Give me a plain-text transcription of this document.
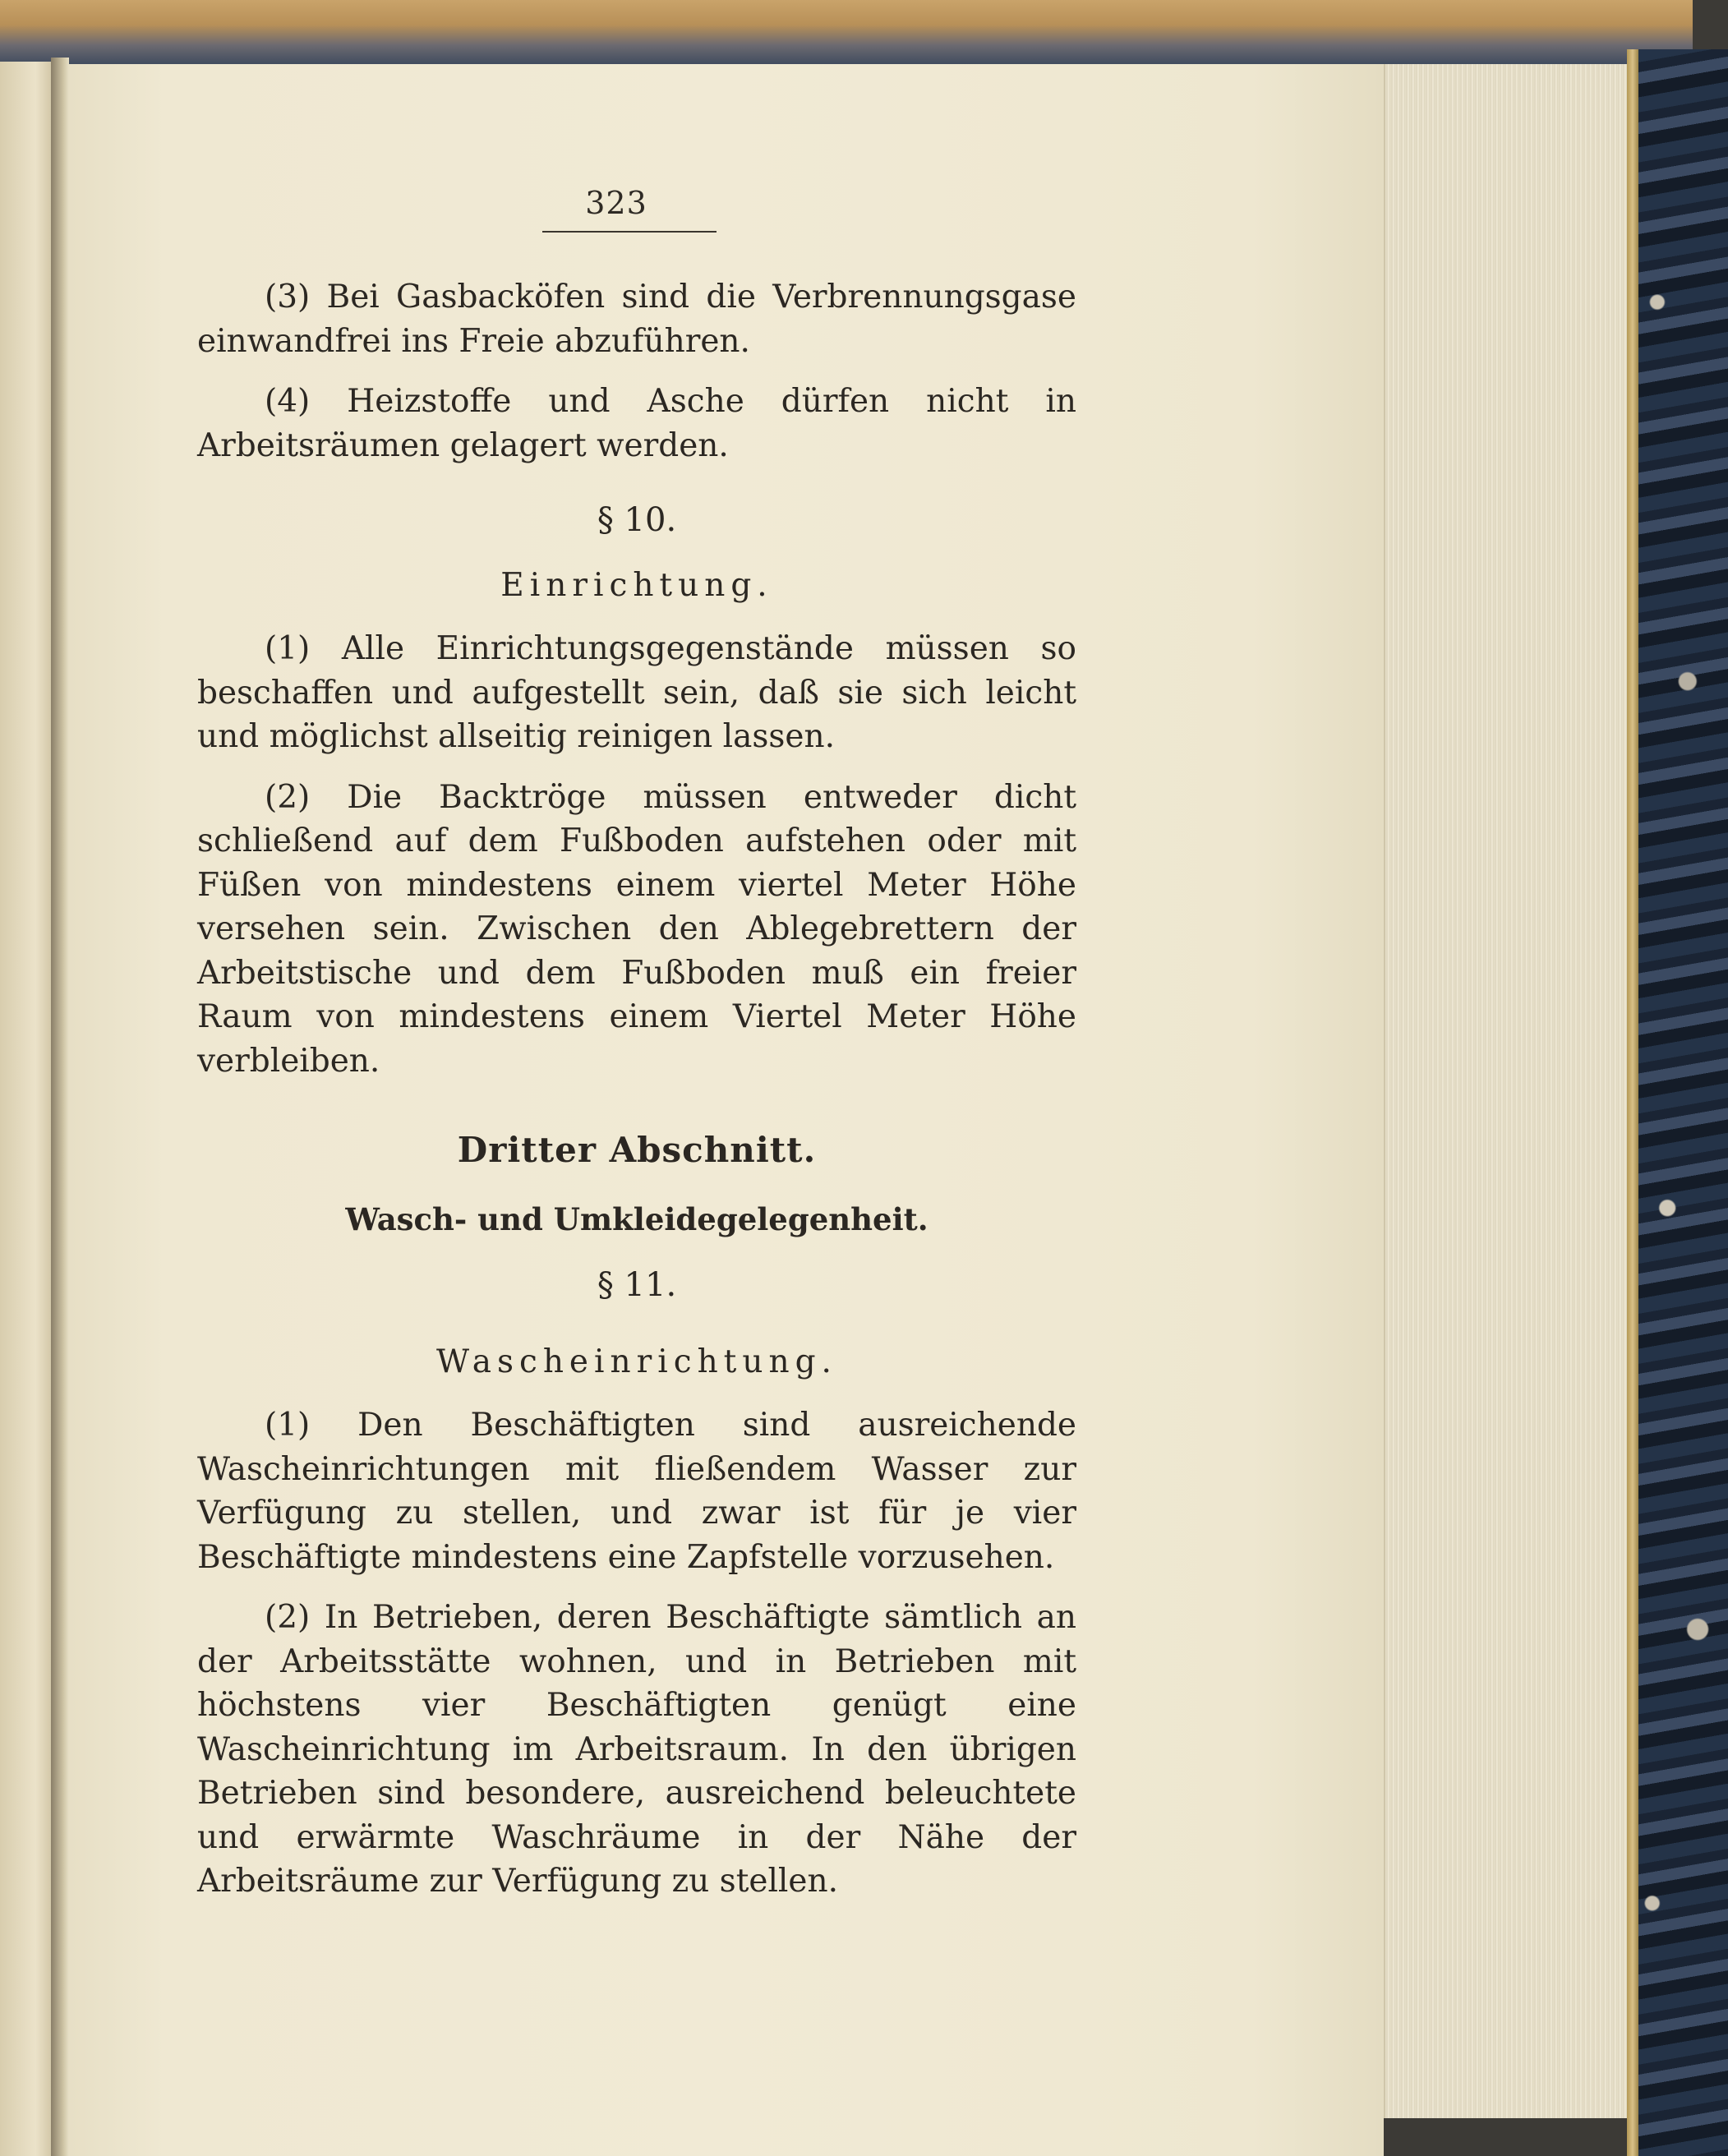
323

(3) Bei Gasbacköfen sind die Verbrennungsgase einwandfrei ins Freie abzuführen.

(4) Heizstoffe und Asche dürfen nicht in Arbeitsräumen gelagert werden.

§ 10.

Einrichtung.

(1) Alle Einrichtungsgegenstände müssen so beschaffen und aufgestellt sein, daß sie sich leicht und möglichst allseitig reinigen lassen.

(2) Die Backtröge müssen entweder dicht schließend auf dem Fußboden aufstehen oder mit Füßen von mindestens einem viertel Meter Höhe versehen sein. Zwischen den Ablegebrettern der Arbeitstische und dem Fußboden muß ein freier Raum von mindestens einem Viertel Meter Höhe verbleiben.

Dritter Abschnitt.

Wasch- und Umkleidegelegenheit.

§ 11.

Wascheinrichtung.

(1) Den Beschäftigten sind ausreichende Wascheinrichtungen mit fließendem Wasser zur Verfügung zu stellen, und zwar ist für je vier Beschäftigte mindestens eine Zapfstelle vorzusehen.

(2) In Betrieben, deren Beschäftigte sämtlich an der Arbeitsstätte wohnen, und in Betrieben mit höchstens vier Beschäftigten genügt eine Wascheinrichtung im Arbeitsraum. In den übrigen Betrieben sind besondere, ausreichend beleuchtete und erwärmte Waschräume in der Nähe der Arbeitsräume zur Verfügung zu stellen.
